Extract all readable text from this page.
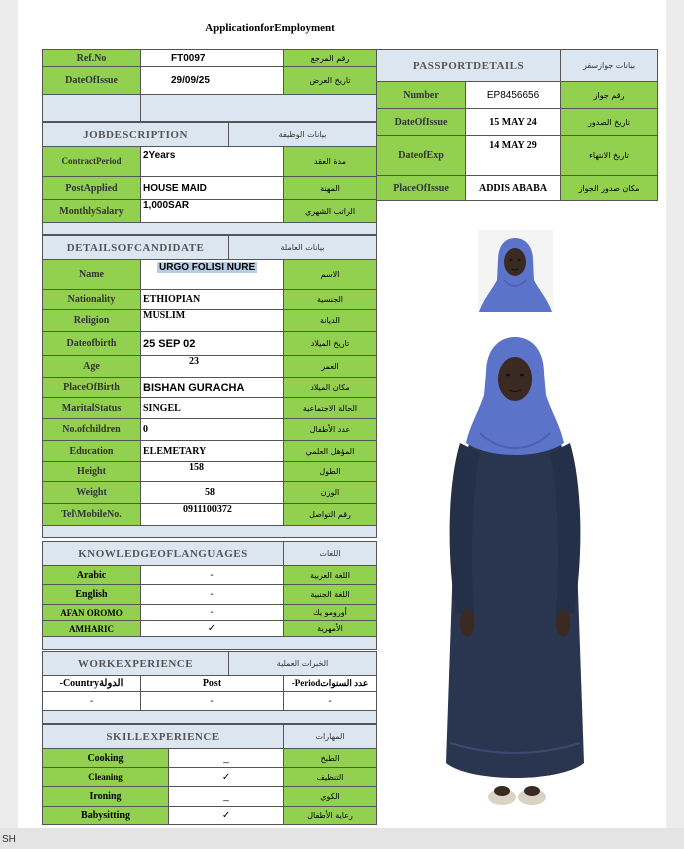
SH
ApplicationforEmployment
Ref.No	FT0097	رقم المرجع
DateOfIssue	29/09/25	تاريخ العرض

PASSPORTDETAILS		بيانات جوازسفر
Number	EP8456656	رقم جواز
DateOfIssue	15 MAY 24	تاريخ الصدور
DateofExp	14 MAY 29	تاريخ الانتهاء
PlaceOfIssue	ADDIS ABABA	مكان صدور الجواز
JOBDESCRIPTION		بيانات الوظيفة	
ContractPeriod	2Years		مدة العقد
PostApplied	HOUSE MAID		المهنة
MonthlySalary	1,000SAR		الراتب الشهري

DETAILSOFCANDIDATE		بيانات العاملة	
Name	URGO FOLISI NURE		الاسم
Nationality	ETHIOPIAN		الجنسية
Religion	MUSLIM		الديانة
Dateofbirth	25 SEP 02		تاريخ الميلاد
Age	23		العمر
PlaceOfBirth	BISHAN GURACHA		مكان الميلاد
MaritalStatus	SINGEL		الحالة الاجتماعية
No.ofchildren	0		عدد الأطفال
Education	ELEMETARY		المؤهل العلمي
Height	158		الطول
Weight	58		الوزن
Tel\MobileNo.	0911100372		رقم التواصل

KNOWLEDGEOFLANGUAGES		اللغات
Arabic	-	اللغة العربية
English	-	اللغة الجنبية
AFAN OROMO	-	أورومو يك
AMHARIC	✓	الأمهرية

WORKEXPERIENCE		الخبرات العملية	
-Countryالدولة	Post		-Periodعدد السنوات
-	-		-

SKILLEXPERIENCE		المهارات
Cooking	_	الطبخ
Cleaning	✓	التنظيف
Ironing	_	الكوي
Babysitting	✓	رعاية الأطفال
